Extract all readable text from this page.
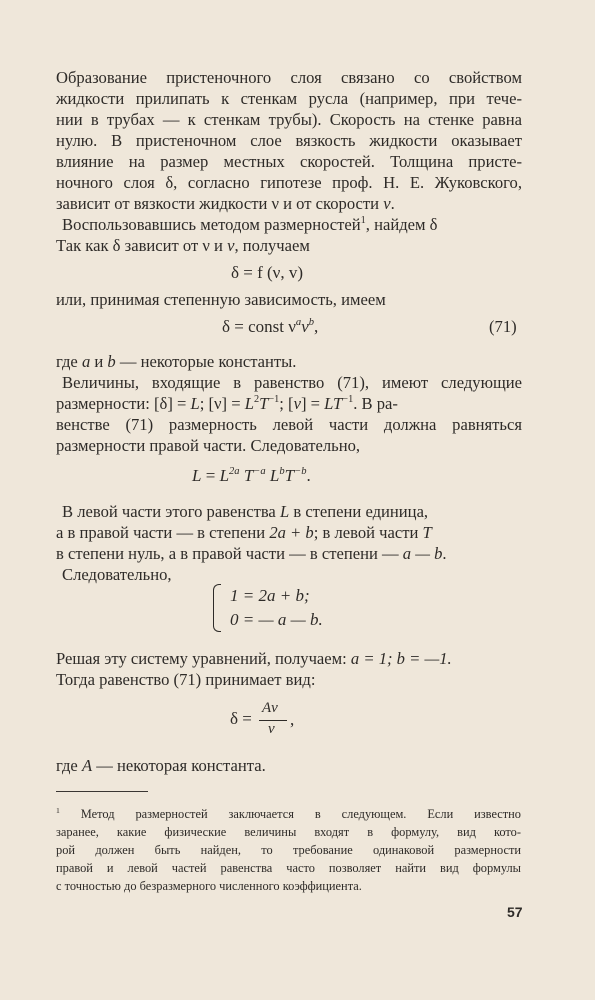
Образование пристеночного слоя связано со свойством
жидкости прилипать к стенкам русла (например, при тече-
нии в трубах — к стенкам трубы). Скорость на стенке равна
нулю. В пристеночном слое вязкость жидкости оказывает
влияние на размер местных скоростей. Толщина присте-
ночного слоя δ, согласно гипотезе проф. Н. Е. Жуковского,
зависит от вязкости жидкости ν и от скорости v.
Воспользовавшись методом размерностей$^1$, найдем δ
Так как δ зависит от ν и v, получаем
δ = f (ν, v)
или, принимая степенную зависимость, имеем
δ = const $\nu^av^b$,	(71)
где a и b — некоторые константы.
Величины, входящие в равенство (71), имеют следующие
размерности: [δ] = L; $[\nu] = L^2T^{-1}$; $[v] = LT^{-1}$. В ра-
венстве (71) размерность левой части должна равняться
размерности правой части. Следовательно,
$L = L^{2a}$ $T^{-a}$ $L^bT^{-b}$.
В левой части этого равенства L в степени единица,
а в правой части — в степени 2a + b; в левой части T
в степени нуль, а в правой части — в степени — a — b.
Следовательно,
1 = 2a + b;
0 = — a — b.
Решая эту систему уравнений, получаем: a = 1; b = —1.
Тогда равенство (71) принимает вид:
δ =
Aν
v ,
где A — некоторая константа.
$^1$ Метод размерностей заключается в следующем. Если известно
заранее, какие физические величины входят в формулу, вид кото-
рой должен быть найден, то требование одинаковой размерности
правой и левой частей равенства часто позволяет найти вид формулы
с точностью до безразмерного численного коэффициента.
57
